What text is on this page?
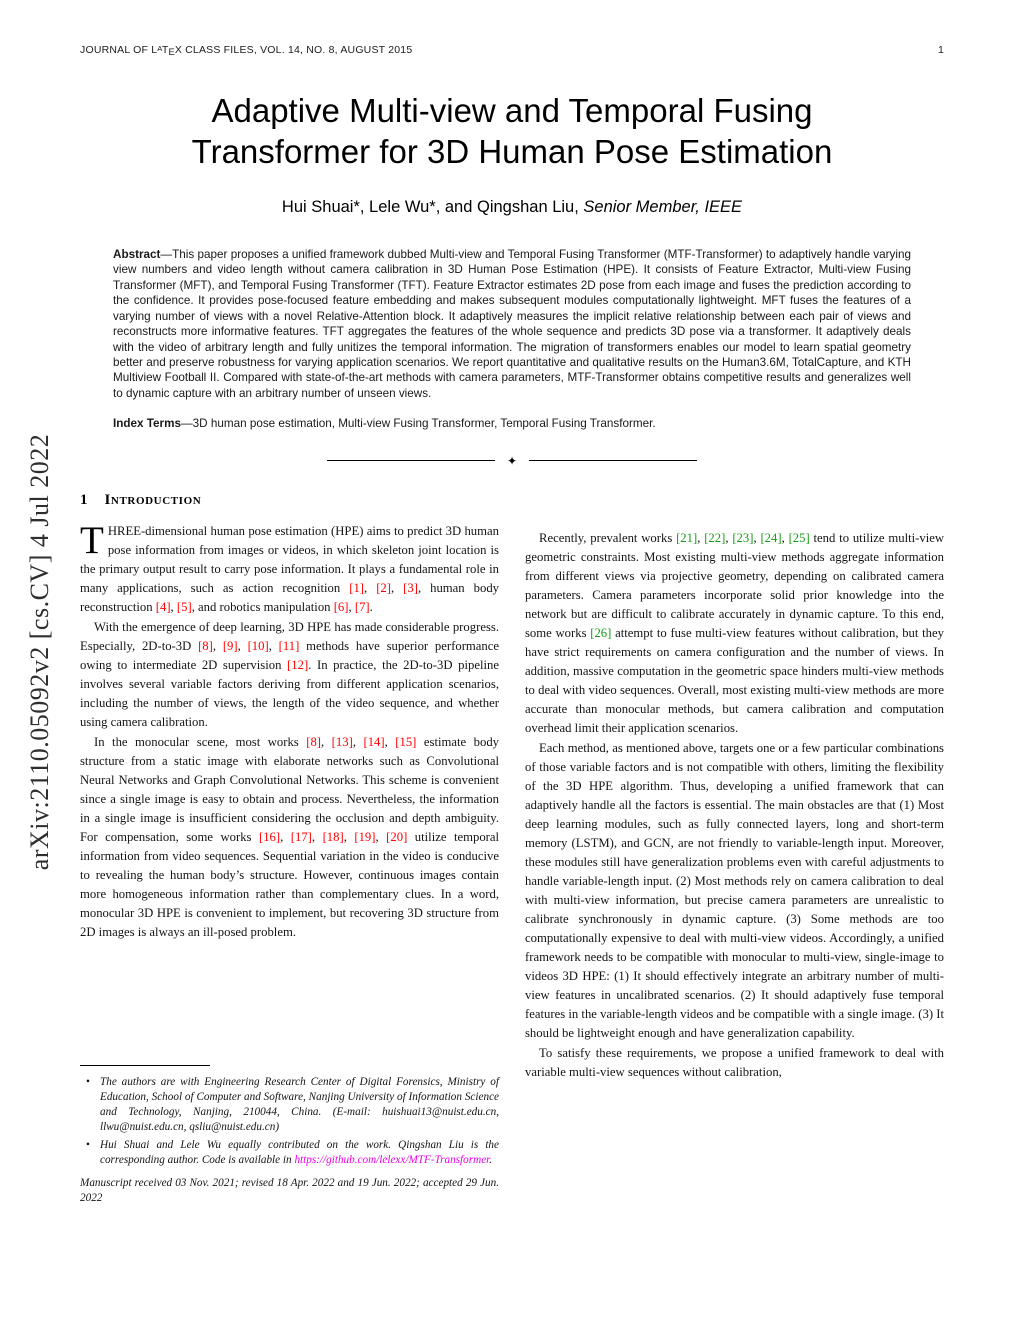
JOURNAL OF $L^ATEX$ CLASS FILES, VOL. 14, NO. 8, AUGUST 2015	1
Adaptive Multi-view and Temporal Fusing
Transformer for 3D Human Pose Estimation
Hui Shuai*, Lele Wu*, and Qingshan Liu, Senior Member, IEEE
Abstract—This paper proposes a unified framework dubbed Multi-view and Temporal Fusing Transformer (MTF-Transformer) to adaptively handle varying view numbers and video length without camera calibration in 3D Human Pose Estimation (HPE). It consists of Feature Extractor, Multi-view Fusing Transformer (MFT), and Temporal Fusing Transformer (TFT). Feature Extractor estimates 2D pose from each image and fuses the prediction according to the confidence. It provides pose-focused feature embedding and makes subsequent modules computationally lightweight. MFT fuses the features of a varying number of views with a novel Relative-Attention block. It adaptively measures the implicit relative relationship between each pair of views and reconstructs more informative features. TFT aggregates the features of the whole sequence and predicts 3D pose via a transformer. It adaptively deals with the video of arbitrary length and fully unitizes the temporal information. The migration of transformers enables our model to learn spatial geometry better and preserve robustness for varying application scenarios. We report quantitative and qualitative results on the Human3.6M, TotalCapture, and KTH Multiview Football II. Compared with state-of-the-art methods with camera parameters, MTF-Transformer obtains competitive results and generalizes well to dynamic capture with an arbitrary number of unseen views.
Index Terms—3D human pose estimation, Multi-view Fusing Transformer, Temporal Fusing Transformer.
✦
1 Introduction

THREE-dimensional human pose estimation (HPE) aims to predict 3D human pose information from images or videos, in which skeleton joint location is the primary output result to carry pose information. It plays a fundamental role in many applications, such as action recognition [1], [2], [3], human body reconstruction [4], [5], and robotics manipulation [6], [7].

With the emergence of deep learning, 3D HPE has made considerable progress. Especially, 2D-to-3D [8], [9], [10], [11] methods have superior performance owing to intermediate 2D supervision [12]. In practice, the 2D-to-3D pipeline involves several variable factors deriving from different application scenarios, including the number of views, the length of the video sequence, and whether using camera calibration.

In the monocular scene, most works [8], [13], [14], [15] estimate body structure from a static image with elaborate networks such as Convolutional Neural Networks and Graph Convolutional Networks. This scheme is convenient since a single image is easy to obtain and process. Nevertheless, the information in a single image is insufficient considering the occlusion and depth ambiguity. For compensation, some works [16], [17], [18], [19], [20] utilize temporal information from video sequences. Sequential variation in the video is conducive to revealing the human body’s structure. However, continuous images contain more homogeneous information rather than complementary clues. In a word, monocular 3D HPE is convenient to implement, but recovering 3D structure from 2D images is always an ill-posed problem.

• The authors are with Engineering Research Center of Digital Forensics, Ministry of Education, School of Computer and Software, Nanjing University of Information Science and Technology, Nanjing, 210044, China. (E-mail: huishuai13@nuist.edu.cn, llwu@nuist.edu.cn, qsliu@nuist.edu.cn)
• Hui Shuai and Lele Wu equally contributed on the work. Qingshan Liu is the corresponding author. Code is available in https://github.com/lelexx/MTF-Transformer.
Manuscript received 03 Nov. 2021; revised 18 Apr. 2022 and 19 Jun. 2022; accepted 29 Jun. 2022

Recently, prevalent works [21], [22], [23], [24], [25] tend to utilize multi-view geometric constraints. Most existing multi-view methods aggregate information from different views via projective geometry, depending on calibrated camera parameters. Camera parameters incorporate solid prior knowledge into the network but are difficult to calibrate accurately in dynamic capture. To this end, some works [26] attempt to fuse multi-view features without calibration, but they have strict requirements on camera configuration and the number of views. In addition, massive computation in the geometric space hinders multi-view methods to deal with video sequences. Overall, most existing multi-view methods are more accurate than monocular methods, but camera calibration and computation overhead limit their application scenarios.

Each method, as mentioned above, targets one or a few particular combinations of those variable factors and is not compatible with others, limiting the flexibility of the 3D HPE algorithm. Thus, developing a unified framework that can adaptively handle all the factors is essential. The main obstacles are that (1) Most deep learning modules, such as fully connected layers, long and short-term memory (LSTM), and GCN, are not friendly to variable-length input. Moreover, these modules still have generalization problems even with careful adjustments to handle variable-length input. (2) Most methods rely on camera calibration to deal with multi-view information, but precise camera parameters are unrealistic to calibrate synchronously in dynamic capture. (3) Some methods are too computationally expensive to deal with multi-view videos. Accordingly, a unified framework needs to be compatible with monocular to multi-view, single-image to videos 3D HPE: (1) It should effectively integrate an arbitrary number of multi-view features in uncalibrated scenarios. (2) It should adaptively fuse temporal features in the variable-length videos and be compatible with a single image. (3) It should be lightweight enough and have generalization capability.

To satisfy these requirements, we propose a unified framework to deal with variable multi-view sequences without calibration,

arXiv:2110.05092v2 [cs.CV] 4 Jul 2022
